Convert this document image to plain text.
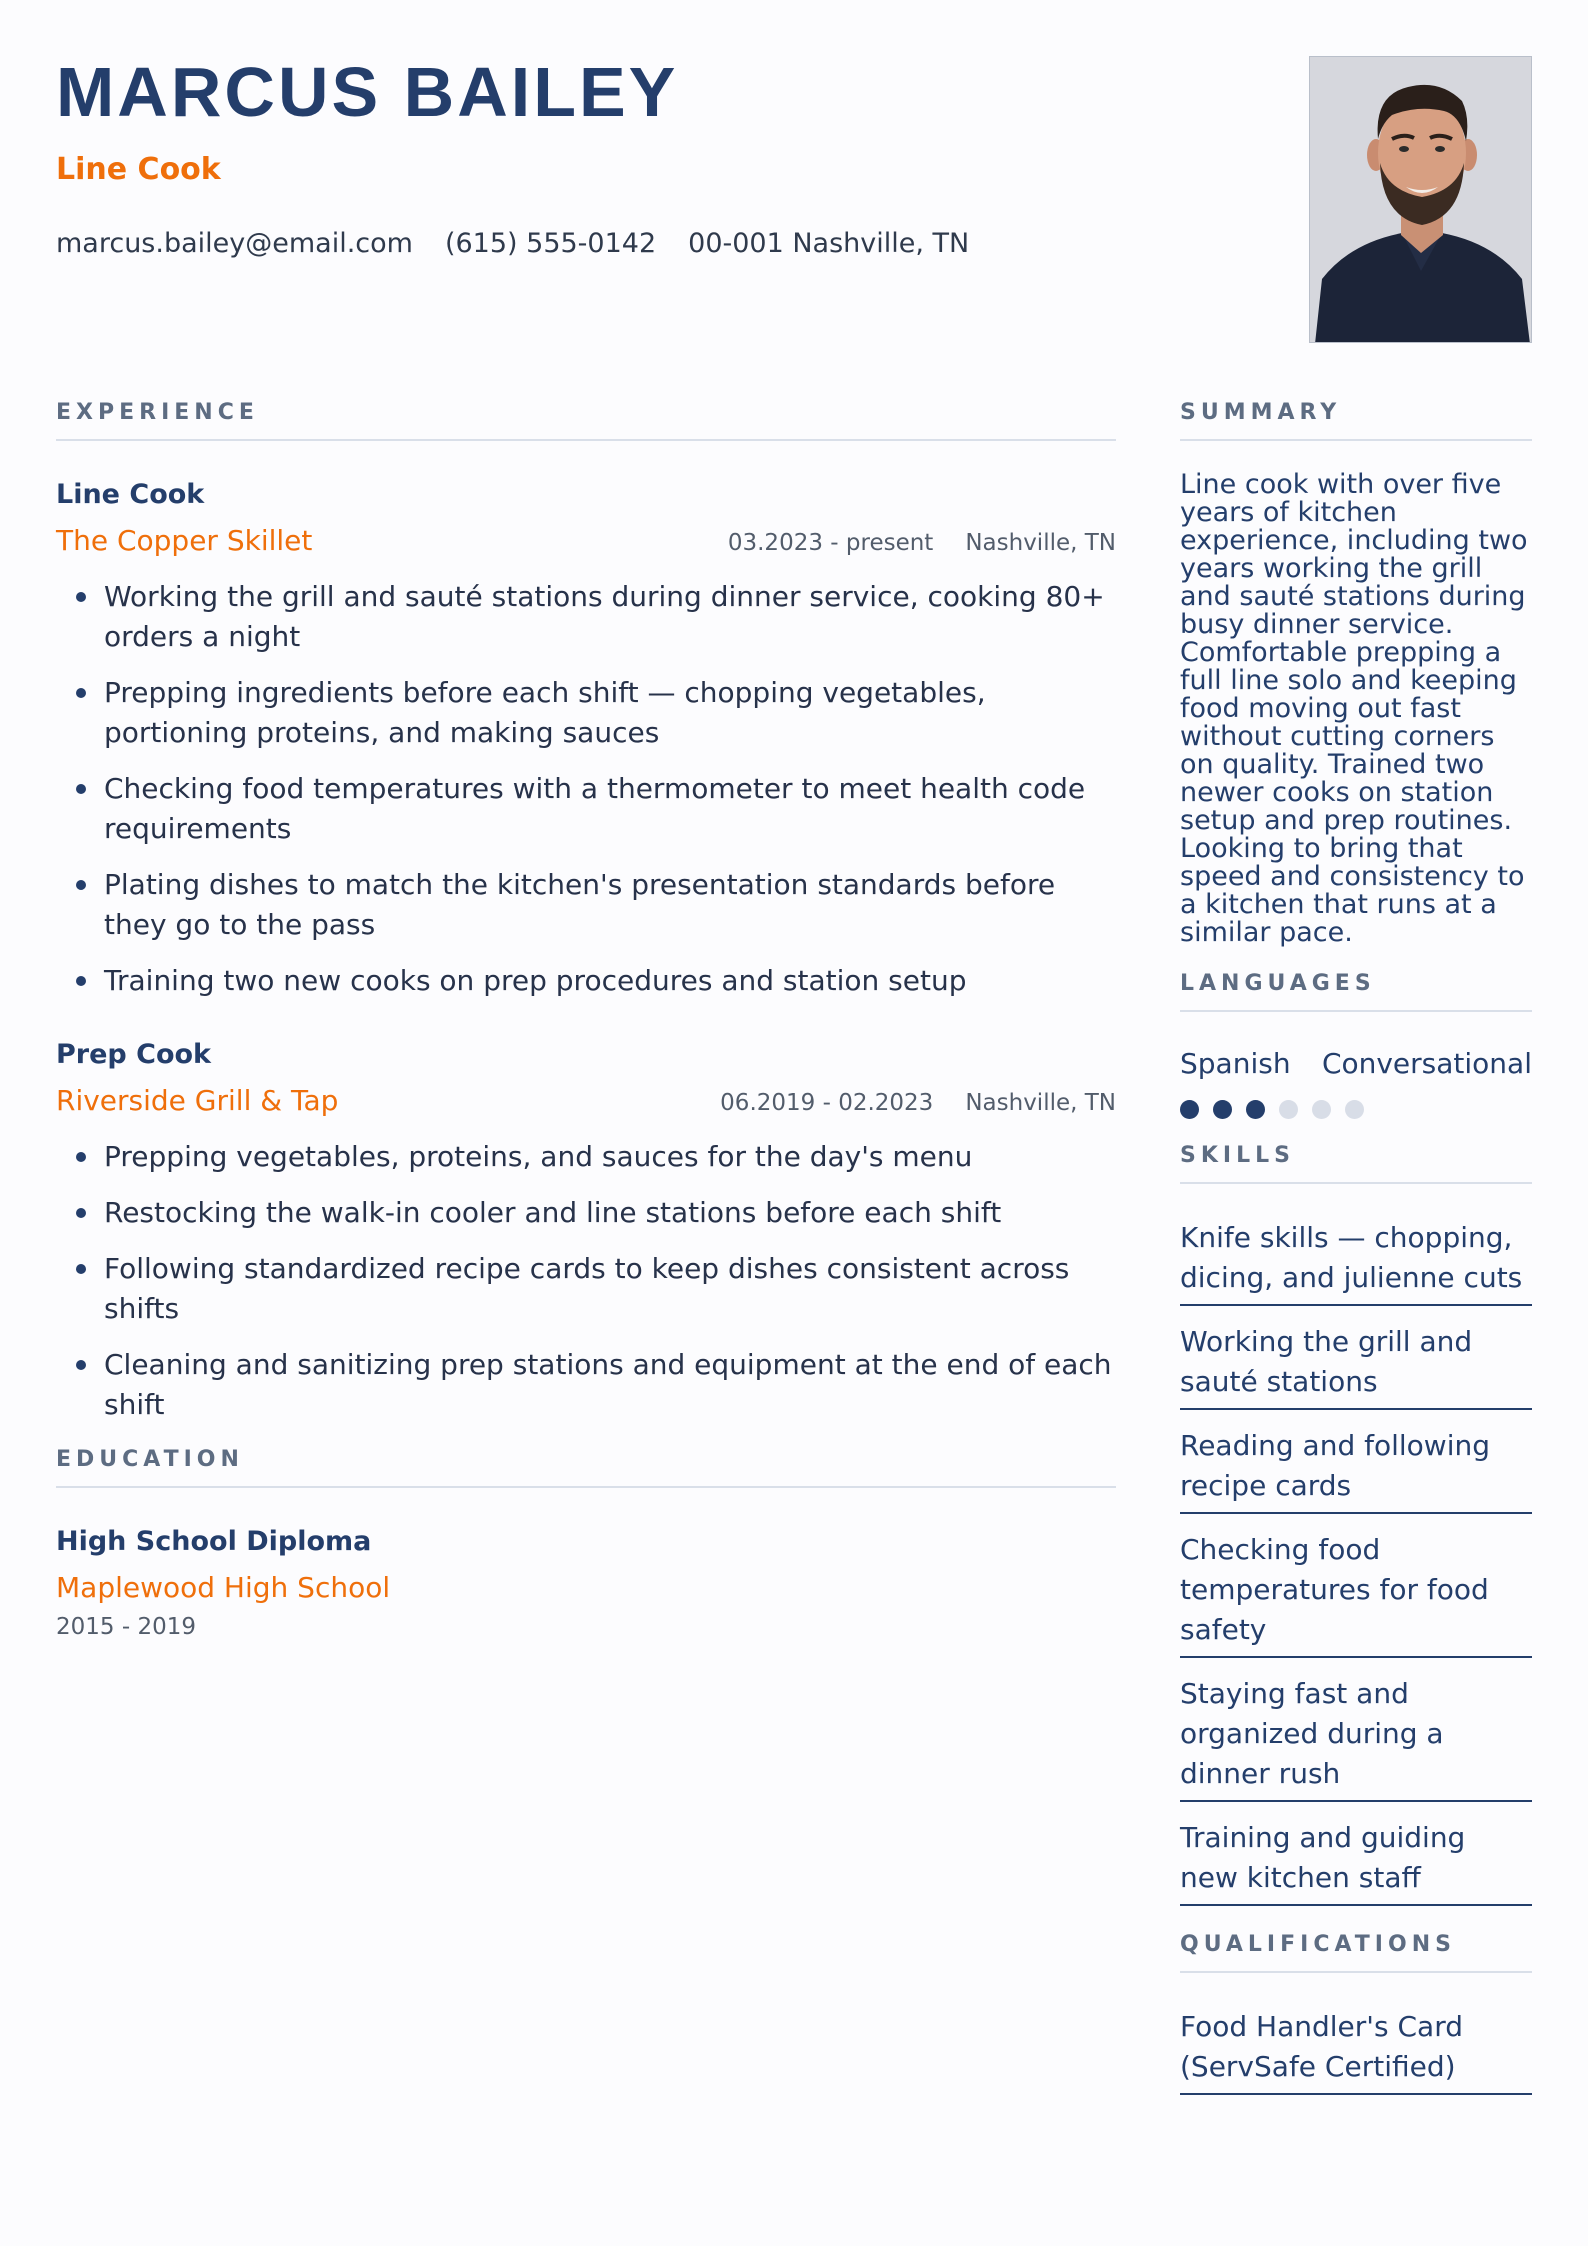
MARCUS BAILEY
Line Cook
marcus.bailey@email.com (615) 555-0142 00-001 Nashville, TN
EXPERIENCE
Line Cook
The Copper Skillet	03.2023 - present Nashville, TN
Working the grill and sauté stations during dinner service, cooking 80+ orders a night
Prepping ingredients before each shift — chopping vegetables, portioning proteins, and making sauces
Checking food temperatures with a thermometer to meet health code requirements
Plating dishes to match the kitchen's presentation standards before they go to the pass
Training two new cooks on prep procedures and station setup
Prep Cook
Riverside Grill & Tap	06.2019 - 02.2023 Nashville, TN
Prepping vegetables, proteins, and sauces for the day's menu
Restocking the walk-in cooler and line stations before each shift
Following standardized recipe cards to keep dishes consistent across shifts
Cleaning and sanitizing prep stations and equipment at the end of each shift
EDUCATION
High School Diploma
Maplewood High School
2015 - 2019
SUMMARY
Line cook with over five years of kitchen experience, including two years working the grill and sauté stations during busy dinner service. Comfortable prepping a full line solo and keeping food moving out fast without cutting corners on quality. Trained two newer cooks on station setup and prep routines. Looking to bring that speed and consistency to a kitchen that runs at a similar pace.
LANGUAGES
Spanish Conversational
SKILLS
Knife skills — chopping, dicing, and julienne cuts
Working the grill and sauté stations
Reading and following recipe cards
Checking food temperatures for food safety
Staying fast and organized during a dinner rush
Training and guiding new kitchen staff
QUALIFICATIONS
Food Handler's Card (ServSafe Certified)
